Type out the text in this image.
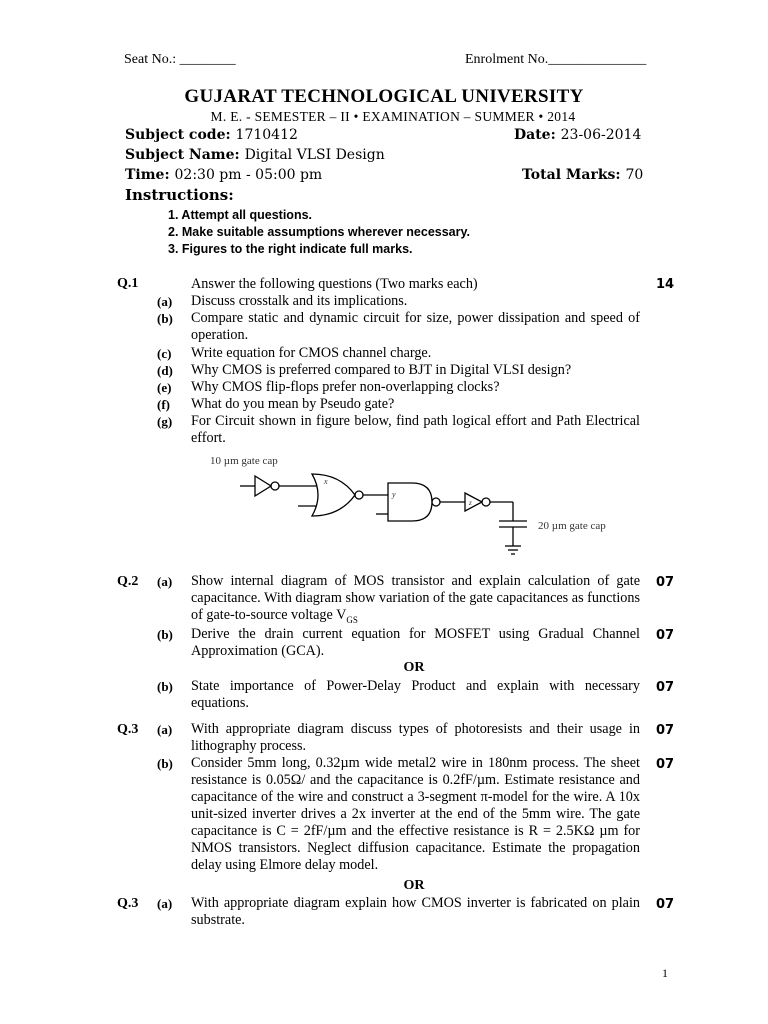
Seat No.: ________	Enrolment No.______________
GUJARAT TECHNOLOGICAL UNIVERSITY
M. E. - SEMESTER – II • EXAMINATION – SUMMER • 2014
Subject code: 1710412	Date: 23-06-2014
Subject Name: Digital VLSI Design
Time: 02:30 pm - 05:00 pm	Total Marks: 70
Instructions:
1. Attempt all questions.
2. Make suitable assumptions wherever necessary.
3. Figures to the right indicate full marks.
Q.1	Answer the following questions (Two marks each)	14
(a) Discuss crosstalk and its implications.
(b) Compare static and dynamic circuit for size, power dissipation and speed of operation.
(c) Write equation for CMOS channel charge.
(d) Why CMOS is preferred compared to BJT in Digital VLSI design?
(e) Why CMOS flip-flops prefer non-overlapping clocks?
(f) What do you mean by Pseudo gate?
(g) For Circuit shown in figure below, find path logical effort and Path Electrical effort.
10 µm gate cap
20 µm gate cap
x
y
z
Q.2 (a) Show internal diagram of MOS transistor and explain calculation of gate capacitance. With diagram show variation of the gate capacitances as functions of gate-to-source voltage $V_{GS}$
07
(b) Derive the drain current equation for MOSFET using Gradual Channel Approximation (GCA).
07
OR
(b) State importance of Power-Delay Product and explain with necessary equations.
07
Q.3 (a) With appropriate diagram discuss types of photoresists and their usage in lithography process.
07
(b) Consider 5mm long, 0.32µm wide metal2 wire in 180nm process. The sheet resistance is 0.05Ω/ and the capacitance is 0.2fF/µm. Estimate resistance and capacitance of the wire and construct a 3-segment π-model for the wire. A 10x unit-sized inverter drives a 2x inverter at the end of the 5mm wire. The gate capacitance is C = 2fF/µm and the effective resistance is R = 2.5KΩ µm for NMOS transistors. Neglect diffusion capacitance. Estimate the propagation delay using Elmore delay model.
07
OR
Q.3 (a) With appropriate diagram explain how CMOS inverter is fabricated on plain substrate.
07
1
